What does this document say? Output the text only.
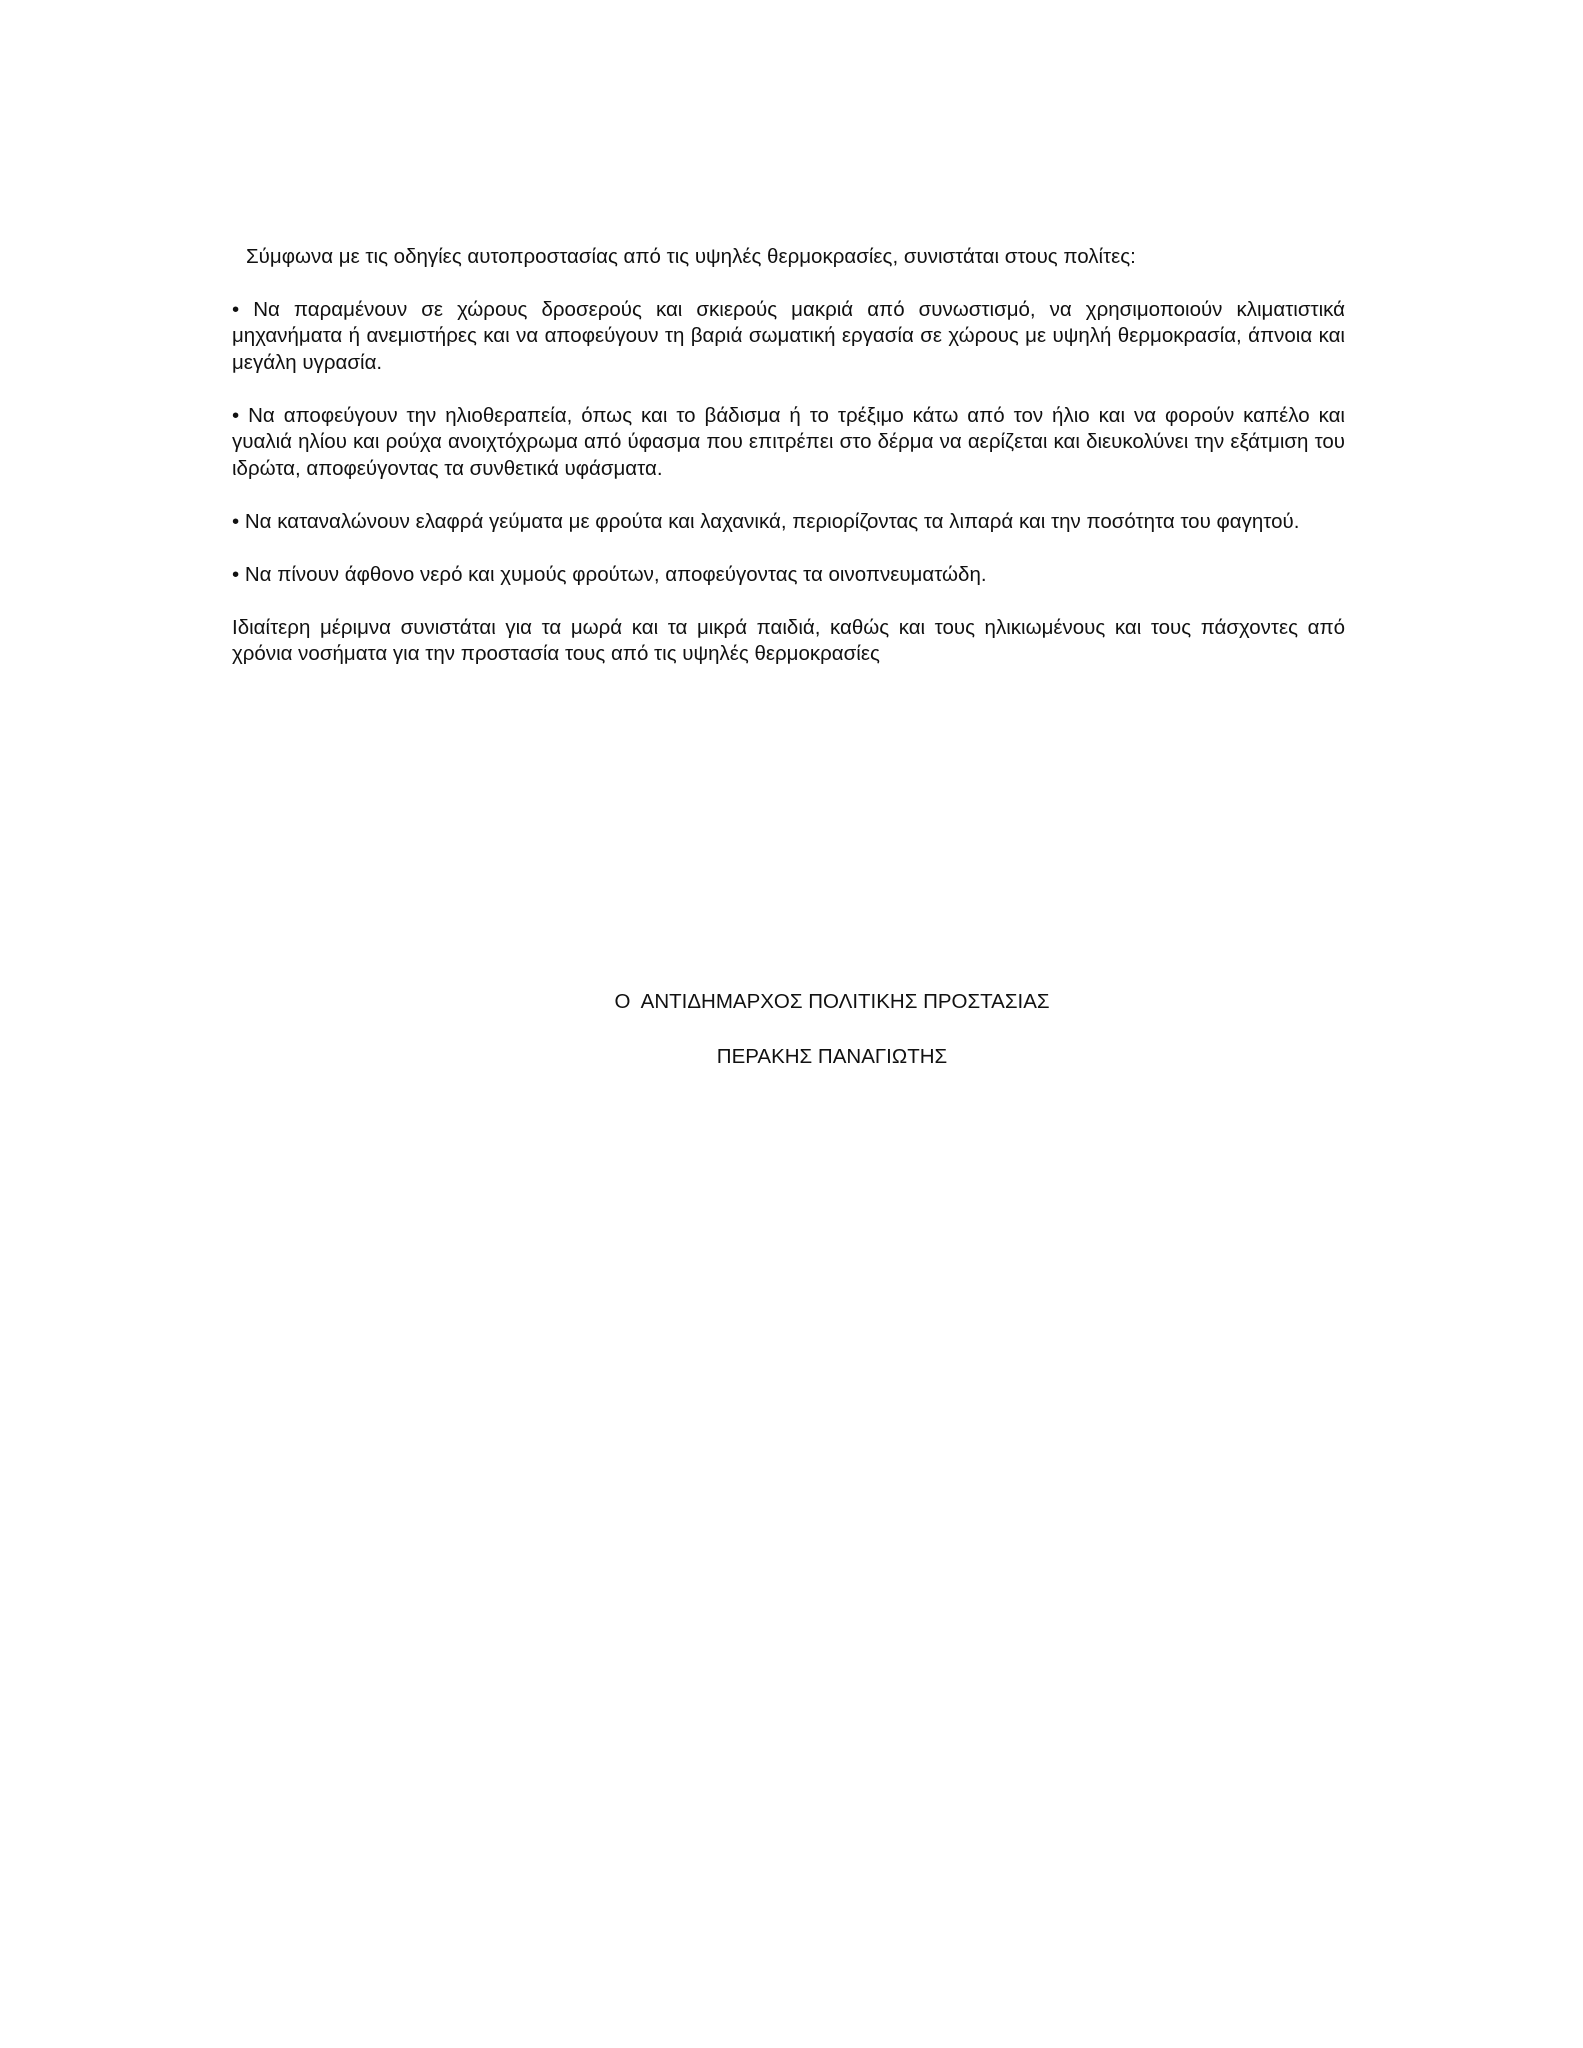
Σύμφωνα με τις οδηγίες αυτοπροστασίας από τις υψηλές θερμοκρασίες, συνιστάται στους πολίτες:

• Να παραμένουν σε χώρους δροσερούς και σκιερούς μακριά από συνωστισμό, να χρησιμοποιούν κλιματιστικά μηχανήματα ή ανεμιστήρες και να αποφεύγουν τη βαριά σωματική εργασία σε χώρους με υψηλή θερμοκρασία, άπνοια και μεγάλη υγρασία.

• Να αποφεύγουν την ηλιοθεραπεία, όπως και το βάδισμα ή το τρέξιμο κάτω από τον ήλιο και να φορούν καπέλο και γυαλιά ηλίου και ρούχα ανοιχτόχρωμα από ύφασμα που επιτρέπει στο δέρμα να αερίζεται και διευκολύνει την εξάτμιση του ιδρώτα, αποφεύγοντας τα συνθετικά υφάσματα.

• Να καταναλώνουν ελαφρά γεύματα με φρούτα και λαχανικά, περιορίζοντας τα λιπαρά και την ποσότητα του φαγητού.

• Να πίνουν άφθονο νερό και χυμούς φρούτων, αποφεύγοντας τα οινοπνευματώδη.

Ιδιαίτερη μέριμνα συνιστάται για τα μωρά και τα μικρά παιδιά, καθώς και τους ηλικιωμένους και τους πάσχοντες από χρόνια νοσήματα για την προστασία τους από τις υψηλές θερμοκρασίες

Ο  ΑΝΤΙΔΗΜΑΡΧΟΣ ΠΟΛΙΤΙΚΗΣ ΠΡΟΣΤΑΣΙΑΣ
ΠΕΡΑΚΗΣ ΠΑΝΑΓΙΩΤΗΣ
